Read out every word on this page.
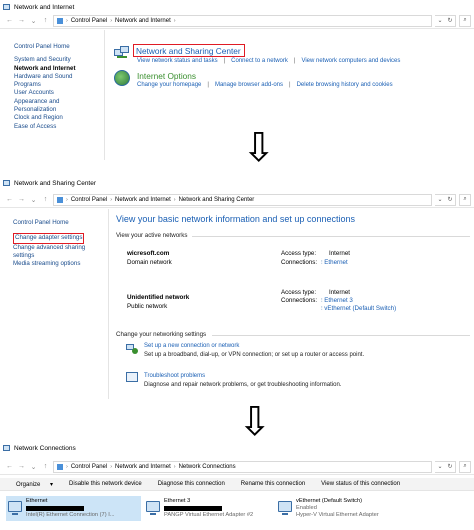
Network and Internet
← → ⌄	↑	› Control Panel › Network and Internet ›	⌄ ↻	⌕
Control Panel Home
System and Security
Network and Internet
Hardware and Sound
Programs
User Accounts
Appearance and
Personalization
Clock and Region
Ease of Access
Network and Sharing Center
View network status and tasks | Connect to a network | View network computers and devices
Internet Options
Change your homepage | Manage browser add-ons | Delete browsing history and cookies
⇩
Network and Sharing Center
← → ⌄	↑	› Control Panel › Network and Internet › Network and Sharing Center	⌄ ↻	⌕
Control Panel Home
Change adapter settings
Change advanced sharing
settings
Media streaming options
View your basic network information and set up connections
View your active networks
wicresoft.com
Domain network
Access type: Internet
Connections: ⫶ Ethernet
Unidentified network
Public network
Access type: Internet
Connections: ⫶ Ethernet 3
⫶ vEthernet (Default Switch)
Change your networking settings
Set up a new connection or network
Set up a broadband, dial-up, or VPN connection; or set up a router or access point.
Troubleshoot problems
Diagnose and repair network problems, or get troubleshooting information.
⇩
Network Connections
← → ⌄	↑	› Control Panel › Network and Internet › Network Connections	⌄ ↻	⌕
Organize ▾	Disable this network device	Diagnose this connection	Rename this connection	View status of this connection
Ethernet
Intel(R) Ethernet Connection (7) I...
Ethernet 3
PANGP Virtual Ethernet Adapter #2
vEthernet (Default Switch)
Enabled
Hyper-V Virtual Ethernet Adapter
